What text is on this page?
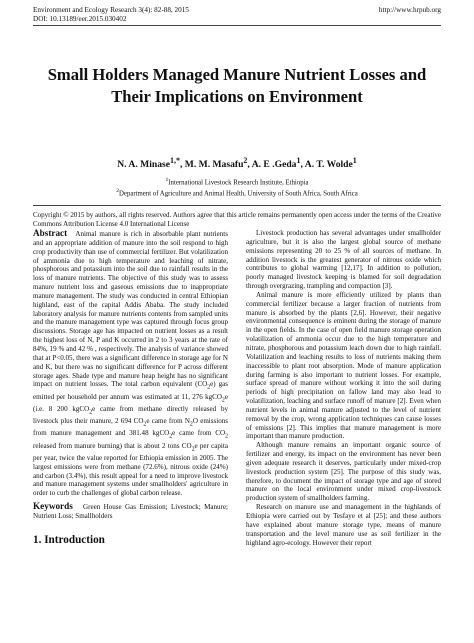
Environment and Ecology Research 3(4): 82-88, 2015
DOI: 10.13189/eer.2015.030402
http://www.hrpub.org
Small Holders Managed Manure Nutrient Losses and
Their Implications on Environment
N. A. Minase$^{1,*}$, M. M. Masafu$^2$, A. E .Geda$^1$, A. T. Wolde$^1$
$^1$International Livestock Research Institute, Ethiopia
$^2$Department of Agriculture and Animal Health, University of South Africa, South Africa
Copyright © 2015 by authors, all rights reserved. Authors agree that this article remains permanently open access under the terms of the Creative Commons Attribution License 4.0 International License

Abstract Animal manure is rich in absorbable plant nutrients and an appropriate addition of manure into the soil respond to high crop productivity than use of commercial fertilizer. But volatilization of ammonia due to high temperature and leaching of nitrate, phosphorous and potassium into the soil due to rainfall results in the loss of manure nutrients. The objective of this study was to assess manure nutrient loss and gaseous emissions due to inappropriate manure management. The study was conducted in central Ethiopian highland, east of the capital Addis Ababa. The study included laboratory analysis for manure nutrients contents from sampled units and the manure management type was captured through focus group discussions. Storage age has impacted on nutrient losses as a result the highest loss of N, P and K occurred in 2 to 3 years at the rate of 84%, 19 % and 42 % , respectively. The analysis of variance showed that at P<0.05, there was a significant difference in storage age for N and K, but there was no significant difference for P across different storage ages. Shade type and manure heap height has no significant impact on nutrient losses. The total carbon equivalent $(CO_2e)$ gas emitted per household per annum was estimated at 11, 276 kgCO$_2$e (i.e. 8 200 kgCO$_2$e came from methane directly released by livestock plus their manure, 2 694 $CO_2e$ came from $N_2O$ emissions from manure management and 381.48 kgCO$_2$e came from $CO_2$ released from manure burning) that is about 2 tons $CO_2e$ per capita per year, twice the value reported for Ethiopia emission in 2005. The largest emissions were from methane (72.6%), nitrous oxide (24%) and carbon (3.4%), this result appeal for a need to improve livestock and manure management systems under smallholders' agriculture in order to curb the challenges of global carbon release.

Keywords Green House Gas Emission; Livestock; Manure; Nutrient Loss; Smallholders

1. Introduction

Livestock production has several advantages under smallholder agriculture, but it is also the largest global source of methane emissions representing 20 to 25 % of all sources of methane. In addition livestock is the greatest generator of nitrous oxide which contributes to global warming [12,17]. In addition to pollution, poorly managed livestock keeping is blamed for soil degradation through overgrazing, trampling and compaction [3].

Animal manure is more efficiently utilized by plants than commercial fertilizer because a larger fraction of nutrients from manure is absorbed by the plants [2,6]. However, their negative environmental consequence is eminent during the storage of manure in the open fields. In the case of open field manure storage operation volatilization of ammonia occur due to the high temperature and nitrate, phosphorous and potassium leach down due to high rainfall. Volatilization and leaching results to loss of nutrients making them inaccessible to plant root absorption. Mode of manure application during farming is also important to nutrient losses. For example, surface spread of manure without working it into the soil during periods of high precipitation on fallow land may also lead to volatilization, leaching and surface runoff of manure [2]. Even when nutrient levels in animal manure adjusted to the level of nutrient removal by the crop, wrong application techniques can cause losses of emissions [2]. This implies that manure management is more important than manure production.

Although manure remains an important organic source of fertilizer and energy, its impact on the environment has never been given adequate research it deserves, particularly under mixed-crop livestock production system [25]. The purpose of this study was, therefore, to document the impact of storage type and age of stored manure on the local environment under mixed crop-livestock production system of smallholders farming.

Research on manure use and management in the highlands of Ethiopia were carried out by Tesfaye et al [25]; and these authors have explained about manure storage type, means of manure transportation and the level manure use as soil fertilizer in the highland agro-ecology. However their report
